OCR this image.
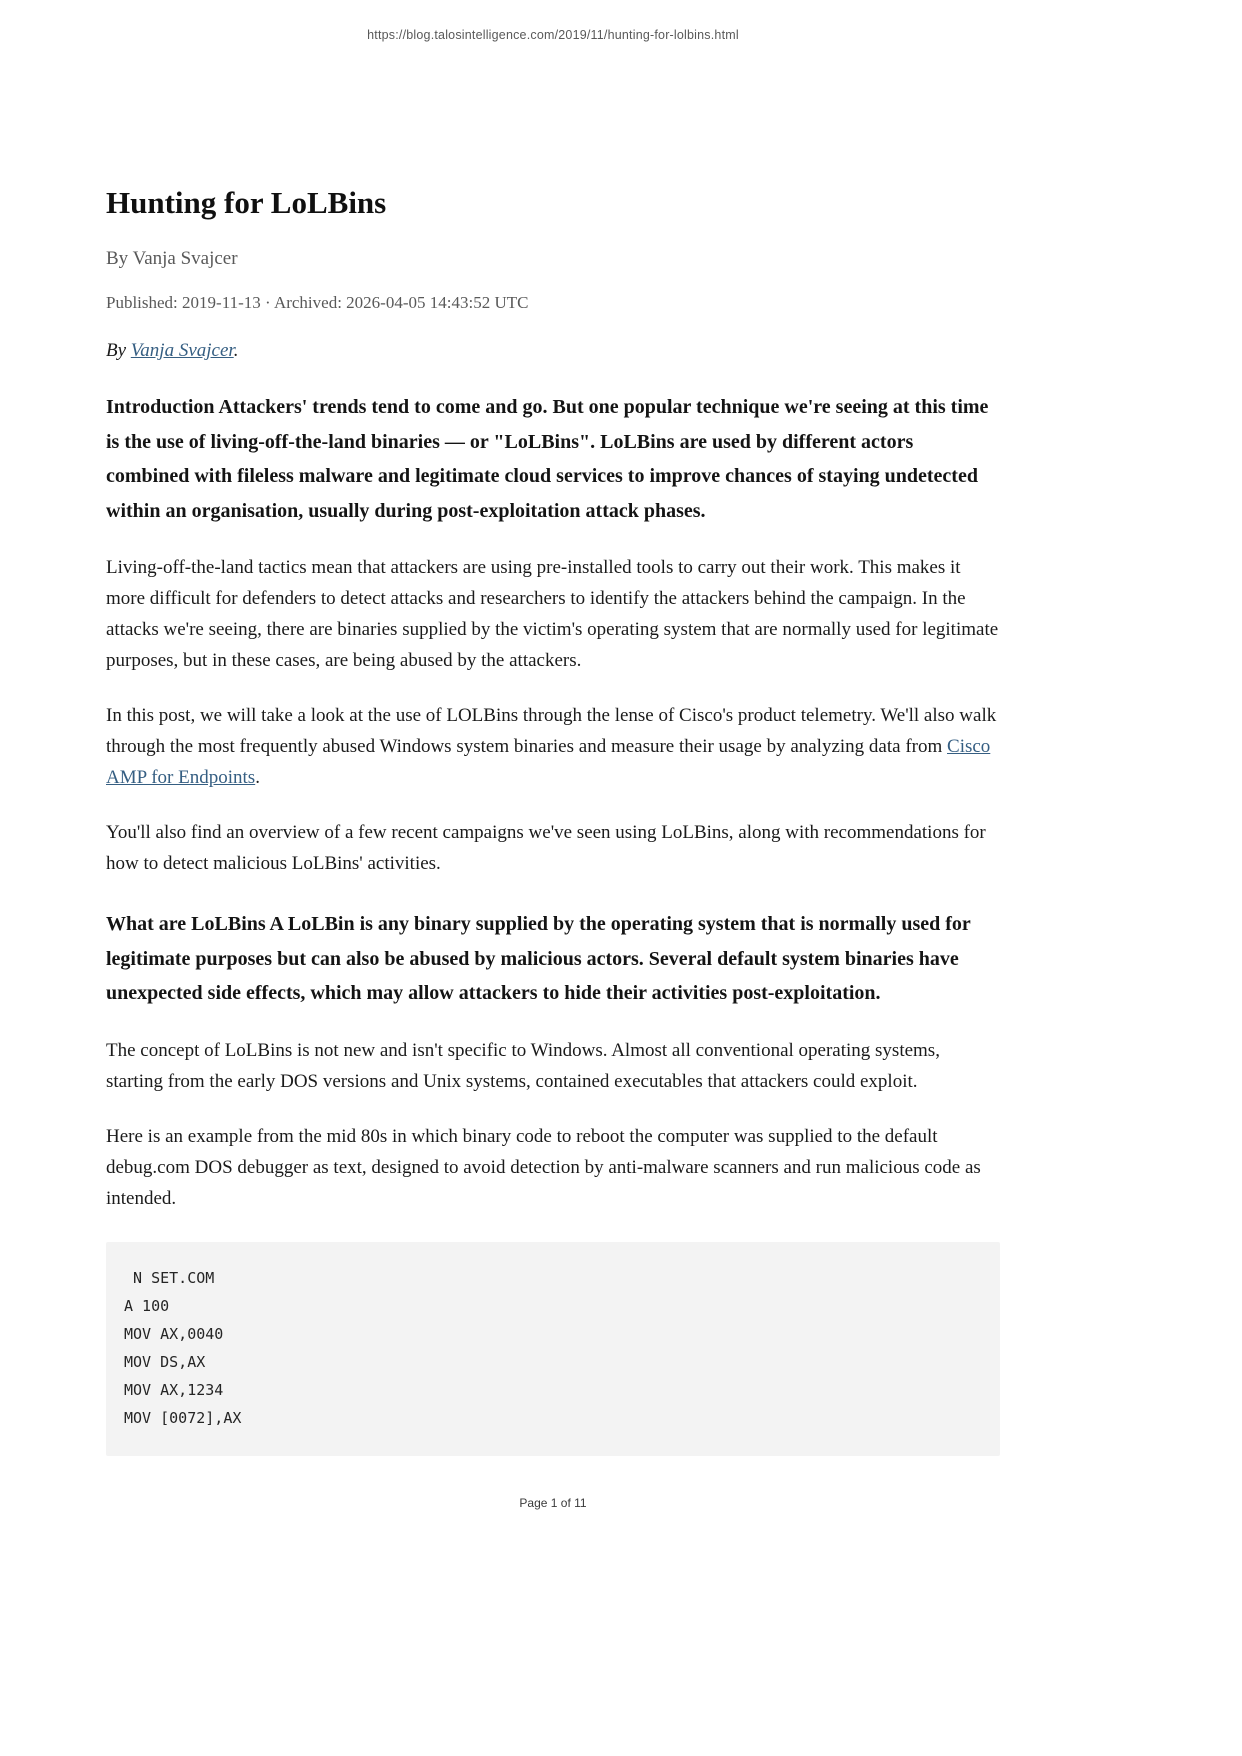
https://blog.talosintelligence.com/2019/11/hunting-for-lolbins.html
Hunting for LoLBins

By Vanja Svajcer

Published: 2019-11-13 · Archived: 2026-04-05 14:43:52 UTC

By Vanja Svajcer.

Introduction Attackers' trends tend to come and go. But one popular technique we're seeing at this time is the use of living-off-the-land binaries — or "LoLBins". LoLBins are used by different actors combined with fileless malware and legitimate cloud services to improve chances of staying undetected within an organisation, usually during post-exploitation attack phases.

Living-off-the-land tactics mean that attackers are using pre-installed tools to carry out their work. This makes it more difficult for defenders to detect attacks and researchers to identify the attackers behind the campaign. In the attacks we're seeing, there are binaries supplied by the victim's operating system that are normally used for legitimate purposes, but in these cases, are being abused by the attackers.

In this post, we will take a look at the use of LOLBins through the lense of Cisco's product telemetry. We'll also walk through the most frequently abused Windows system binaries and measure their usage by analyzing data from Cisco AMP for Endpoints.

You'll also find an overview of a few recent campaigns we've seen using LoLBins, along with recommendations for how to detect malicious LoLBins' activities.

What are LoLBins A LoLBin is any binary supplied by the operating system that is normally used for legitimate purposes but can also be abused by malicious actors. Several default system binaries have unexpected side effects, which may allow attackers to hide their activities post-exploitation.

The concept of LoLBins is not new and isn't specific to Windows. Almost all conventional operating systems, starting from the early DOS versions and Unix systems, contained executables that attackers could exploit.

Here is an example from the mid 80s in which binary code to reboot the computer was supplied to the default debug.com DOS debugger as text, designed to avoid detection by anti-malware scanners and run malicious code as intended.

N SET.COM
A 100
MOV AX,0040
MOV DS,AX
MOV AX,1234
MOV [0072],AX
Page 1 of 11
